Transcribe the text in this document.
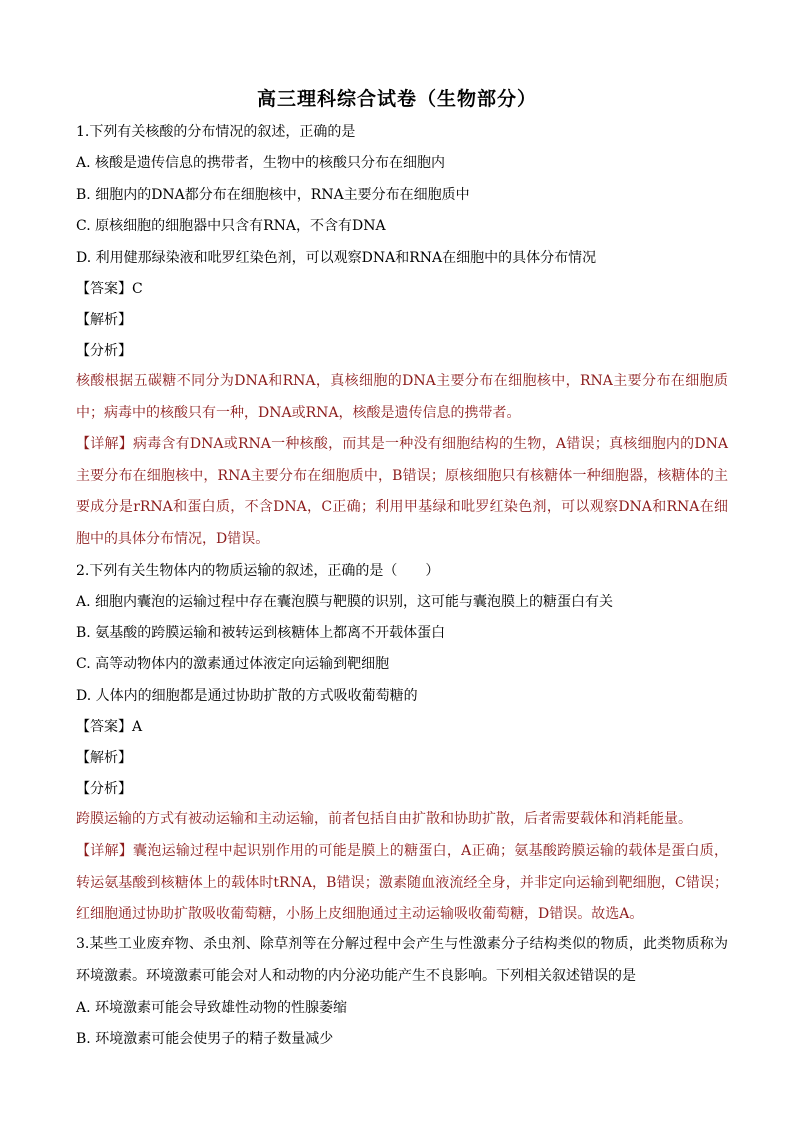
高三理科综合试卷（生物部分）
1.下列有关核酸的分布情况的叙述，正确的是
A. 核酸是遗传信息的携带者，生物中的核酸只分布在细胞内
B. 细胞内的DNA都分布在细胞核中，RNA主要分布在细胞质中
C. 原核细胞的细胞器中只含有RNA，不含有DNA
D. 利用健那绿染液和吡罗红染色剂，可以观察DNA和RNA在细胞中的具体分布情况
【答案】C
【解析】
【分析】
核酸根据五碳糖不同分为DNA和RNA，真核细胞的DNA主要分布在细胞核中，RNA主要分布在细胞质中；病毒中的核酸只有一种，DNA或RNA，核酸是遗传信息的携带者。
【详解】病毒含有DNA或RNA一种核酸，而其是一种没有细胞结构的生物，A错误；真核细胞内的DNA主要分布在细胞核中，RNA主要分布在细胞质中，B错误；原核细胞只有核糖体一种细胞器，核糖体的主要成分是rRNA和蛋白质，不含DNA，C正确；利用甲基绿和吡罗红染色剂，可以观察DNA和RNA在细胞中的具体分布情况，D错误。
2.下列有关生物体内的物质运输的叙述，正确的是（　　）
A. 细胞内囊泡的运输过程中存在囊泡膜与靶膜的识别，这可能与囊泡膜上的糖蛋白有关
B. 氨基酸的跨膜运输和被转运到核糖体上都离不开载体蛋白
C. 高等动物体内的激素通过体液定向运输到靶细胞
D. 人体内的细胞都是通过协助扩散的方式吸收葡萄糖的
【答案】A
【解析】
【分析】
跨膜运输的方式有被动运输和主动运输，前者包括自由扩散和协助扩散，后者需要载体和消耗能量。
【详解】囊泡运输过程中起识别作用的可能是膜上的糖蛋白，A正确；氨基酸跨膜运输的载体是蛋白质，转运氨基酸到核糖体上的载体时tRNA，B错误；激素随血液流经全身，并非定向运输到靶细胞，C错误；红细胞通过协助扩散吸收葡萄糖，小肠上皮细胞通过主动运输吸收葡萄糖，D错误。故选A。
3.某些工业废弃物、杀虫剂、除草剂等在分解过程中会产生与性激素分子结构类似的物质，此类物质称为环境激素。环境激素可能会对人和动物的内分泌功能产生不良影响。下列相关叙述错误的是
A. 环境激素可能会导致雄性动物的性腺萎缩
B. 环境激素可能会使男子的精子数量减少
